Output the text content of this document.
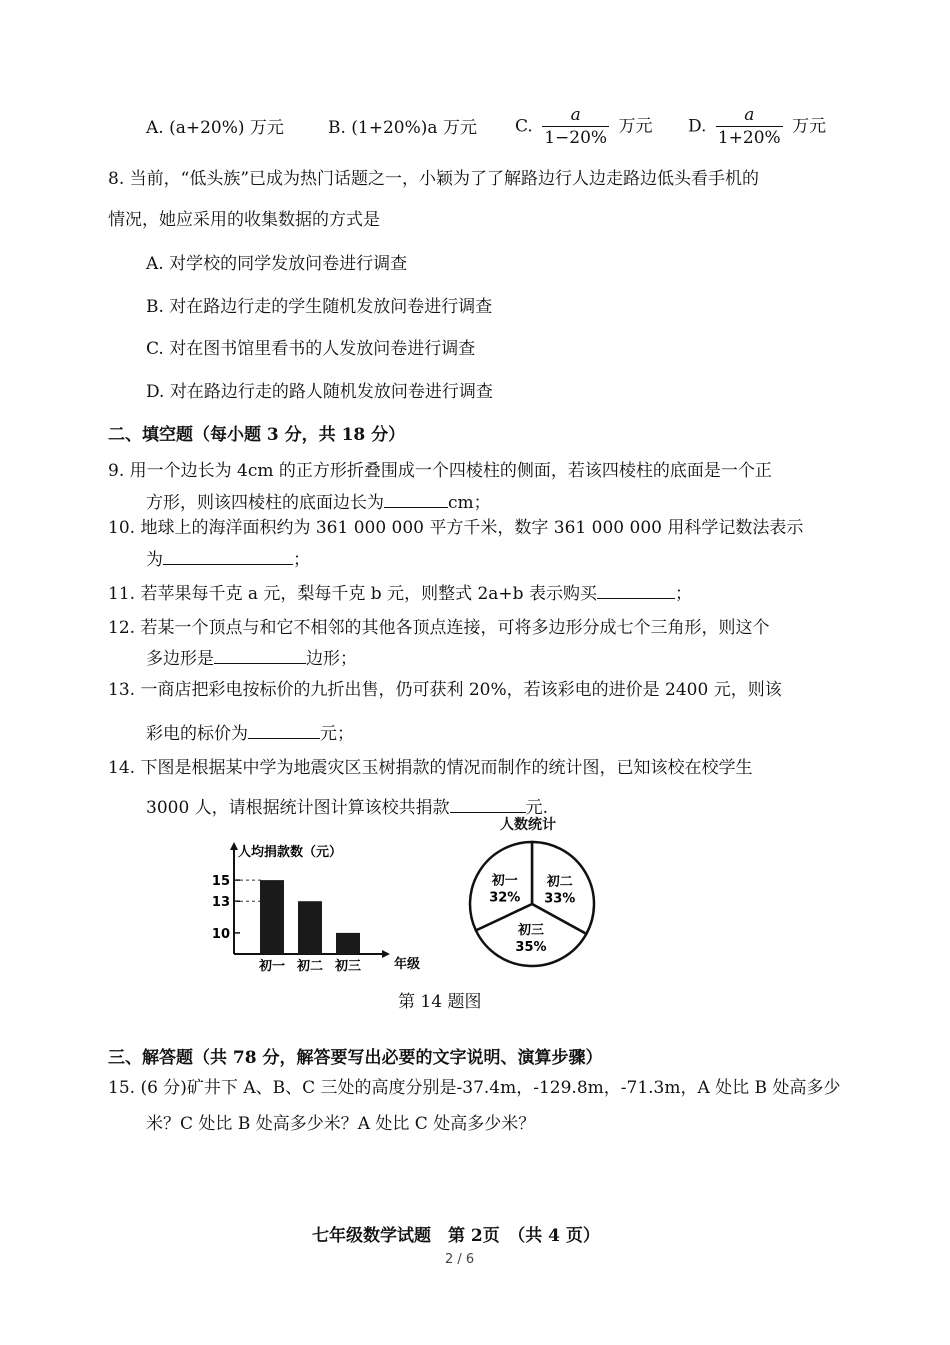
A. (a+20%) 万元	B. (1+20%)a 万元 C. $\frac{a}{1-20\%}$ 万元 D. $\frac{a}{1+20\%}$ 万元
8. 当前，“低头族”已成为热门话题之一，小颖为了了解路边行人边走路边低头看手机的
情况，她应采用的收集数据的方式是
A. 对学校的同学发放问卷进行调查
B. 对在路边行走的学生随机发放问卷进行调查
C. 对在图书馆里看书的人发放问卷进行调查
D. 对在路边行走的路人随机发放问卷进行调查
二、填空题（每小题 3 分，共 18 分）
9. 用一个边长为 4cm 的正方形折叠围成一个四棱柱的侧面，若该四棱柱的底面是一个正
方形，则该四棱柱的底面边长为	cm；
10. 地球上的海洋面积约为 361 000 000 平方千米，数字 361 000 000 用科学记数法表示
为	；
11. 若苹果每千克 a 元，梨每千克 b 元，则整式 2a+b 表示购买	；
12. 若某一个顶点与和它不相邻的其他各顶点连接，可将多边形分成七个三角形，则这个
多边形是	边形；
13. 一商店把彩电按标价的九折出售，仍可获利 20%，若该彩电的进价是 2400 元，则该
彩电的标价为	元；
14. 下图是根据某中学为地震灾区玉树捐款的情况而制作的统计图，已知该校在校学生
3000 人，请根据统计图计算该校共捐款	元.
人均捐款数（元）
年级
10
13
15
初一 初二 初三
人数统计
初一
32%
初二
33%
初三
35%
第 14 题图
三、解答题（共 78 分，解答要写出必要的文字说明、演算步骤）
15. (6 分)矿井下 A、B、C 三处的高度分别是-37.4m，-129.8m，-71.3m，A 处比 B 处高多少
米？C 处比 B 处高多少米？A 处比 C 处高多少米？
七年级数学试题　第 2页　（共 4 页）
2 / 6
